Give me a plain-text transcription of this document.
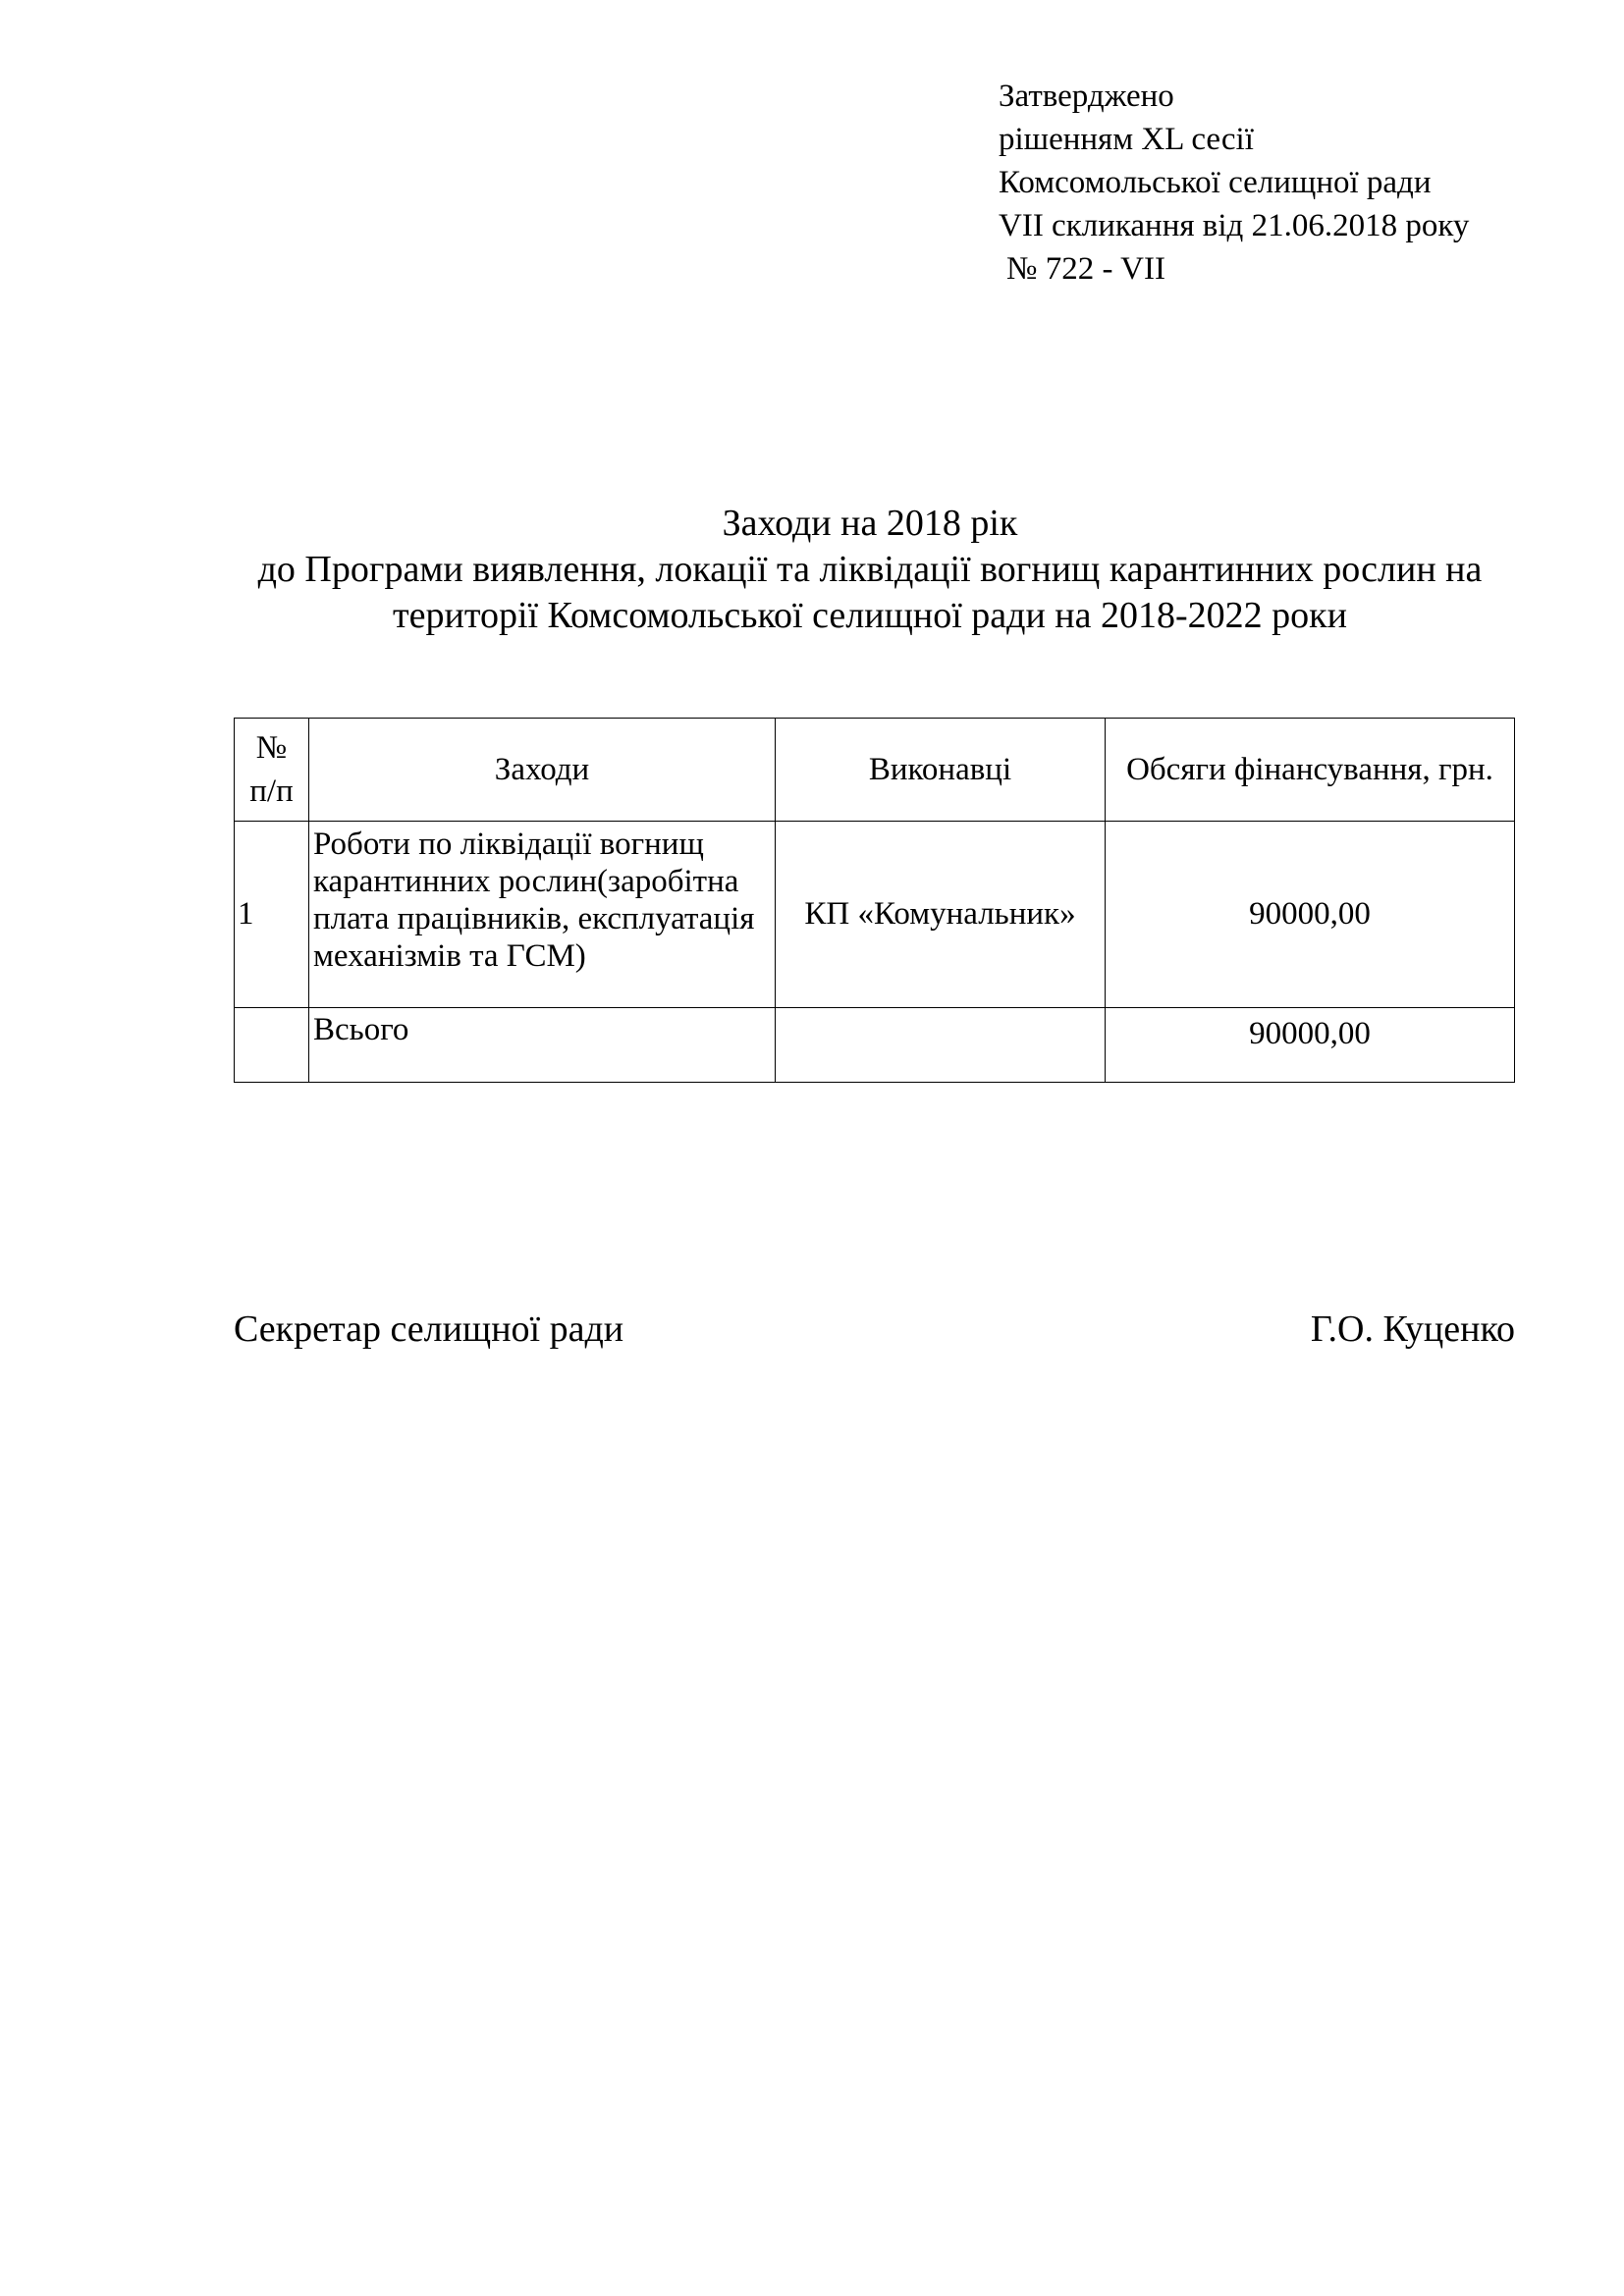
Затверджено
рішенням XL сесії
Комсомольської селищної ради
VII скликання від 21.06.2018 року
№ 722 - VII
Заходи на 2018 рік
до Програми виявлення, локації та ліквідації вогнищ карантинних рослин на
території Комсомольської селищної ради на 2018-2022 роки
№
п/п	Заходи	Виконавці	Обсяги фінансування, грн.
1	Роботи по ліквідації вогнищ
карантинних рослин(заробітна
плата працівників, експлуатація
механізмів та ГСМ)	КП «Комунальник»	90000,00
	Всього		90000,00
Секретар селищної ради	Г.О. Куценко
